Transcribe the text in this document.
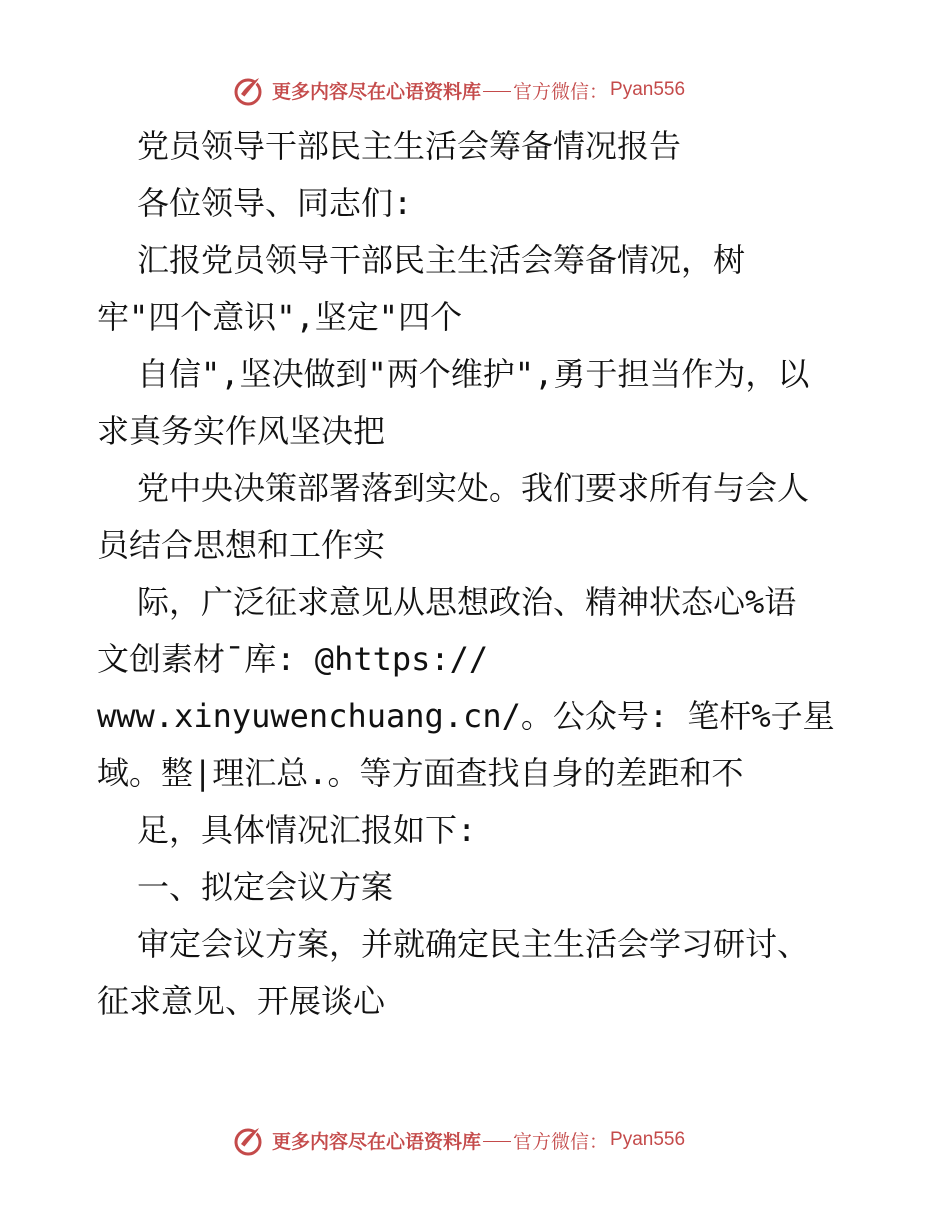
更多内容尽在心语资料库 官方微信： Pyan556
党员领导干部民主生活会筹备情况报告
各位领导、同志们:
汇报党员领导干部民主生活会筹备情况，树
牢"四个意识",坚定"四个
自信",坚决做到"两个维护",勇于担当作为，以
求真务实作风坚决把
党中央决策部署落到实处。我们要求所有与会人
员结合思想和工作实
际，广泛征求意见从思想政治、精神状态心%语
文创素材¯库: @https://
www.xinyuwenchuang.cn/。公众号: 笔杆%子星
域。整|理汇总.。等方面查找自身的差距和不
足，具体情况汇报如下:
一、拟定会议方案
审定会议方案，并就确定民主生活会学习研讨、
征求意见、开展谈心
更多内容尽在心语资料库 官方微信： Pyan556
